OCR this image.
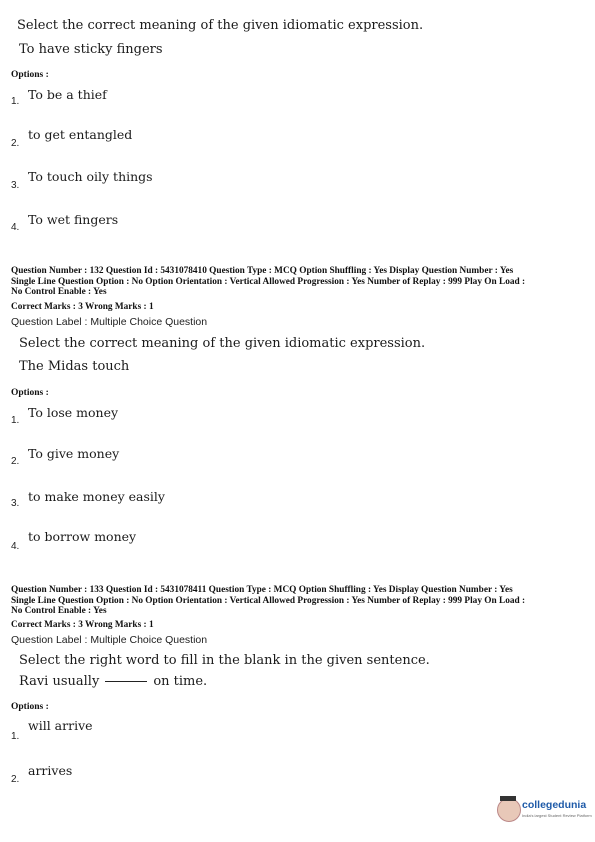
Select the correct meaning of the given idiomatic expression.
To have sticky fingers
Options :
1. To be a thief
2.
to get entangled
3.
To touch oily things
4.
To wet fingers
Question Number : 132 Question Id : 5431078410 Question Type : MCQ Option Shuffling : Yes Display Question Number : Yes
Single Line Question Option : No Option Orientation : Vertical Allowed Progression : Yes Number of Replay : 999 Play On Load :
No Control Enable : Yes
Correct Marks : 3 Wrong Marks : 1
Question Label : Multiple Choice Question
Select the correct meaning of the given idiomatic expression.
The Midas touch
Options :
1.
To lose money
2.
To give money
3. to make money easily
4.
to borrow money
Question Number : 133 Question Id : 5431078411 Question Type : MCQ Option Shuffling : Yes Display Question Number : Yes
Single Line Question Option : No Option Orientation : Vertical Allowed Progression : Yes Number of Replay : 999 Play On Load :
No Control Enable : Yes
Correct Marks : 3 Wrong Marks : 1
Question Label : Multiple Choice Question
Select the right word to fill in the blank in the given sentence.
Ravi usually	on time.
Options :
1.
will arrive
2.
arrives
collegedunia
India's largest Student Review Platform
